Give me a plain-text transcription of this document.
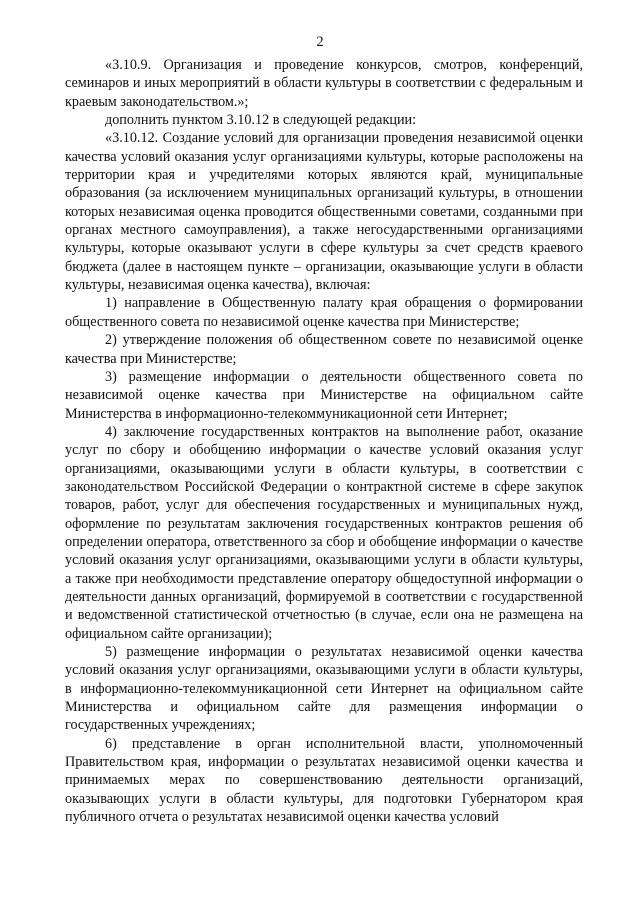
2

«3.10.9. Организация и проведение конкурсов, смотров, конференций, семинаров и иных мероприятий в области культуры в соответствии с федеральным и краевым законодательством.»;

дополнить пунктом 3.10.12 в следующей редакции:

«3.10.12. Создание условий для организации проведения независимой оценки качества условий оказания услуг организациями культуры, которые расположены на территории края и учредителями которых являются край, муниципальные образования (за исключением муниципальных организаций культуры, в отношении которых независимая оценка проводится общественными советами, созданными при органах местного самоуправления), а также негосударственными организациями культуры, которые оказывают услуги в сфере культуры за счет средств краевого бюджета (далее в настоящем пункте – организации, оказывающие услуги в области культуры, независимая оценка качества), включая:

1) направление в Общественную палату края обращения о формировании общественного совета по независимой оценке качества при Министерстве;

2) утверждение положения об общественном совете по независимой оценке качества при Министерстве;

3) размещение информации о деятельности общественного совета по независимой оценке качества при Министерстве на официальном сайте Министерства в информационно-телекоммуникационной сети Интернет;

4) заключение государственных контрактов на выполнение работ, оказание услуг по сбору и обобщению информации о качестве условий оказания услуг организациями, оказывающими услуги в области культуры, в соответствии с законодательством Российской Федерации о контрактной системе в сфере закупок товаров, работ, услуг для обеспечения государственных и муниципальных нужд, оформление по результатам заключения государственных контрактов решения об определении оператора, ответственного за сбор и обобщение информации о качестве условий оказания услуг организациями, оказывающими услуги в области культуры, а также при необходимости представление оператору общедоступной информации о деятельности данных организаций, формируемой в соответствии с государственной и ведомственной статистической отчетностью (в случае, если она не размещена на официальном сайте организации);

5) размещение информации о результатах независимой оценки качества условий оказания услуг организациями, оказывающими услуги в области культуры, в информационно-телекоммуникационной сети Интернет на официальном сайте Министерства и официальном сайте для размещения информации о государственных учреждениях;

6) представление в орган исполнительной власти, уполномоченный Правительством края, информации о результатах независимой оценки качества и принимаемых мерах по совершенствованию деятельности организаций, оказывающих услуги в области культуры, для подготовки Губернатором края публичного отчета о результатах независимой оценки качества условий
